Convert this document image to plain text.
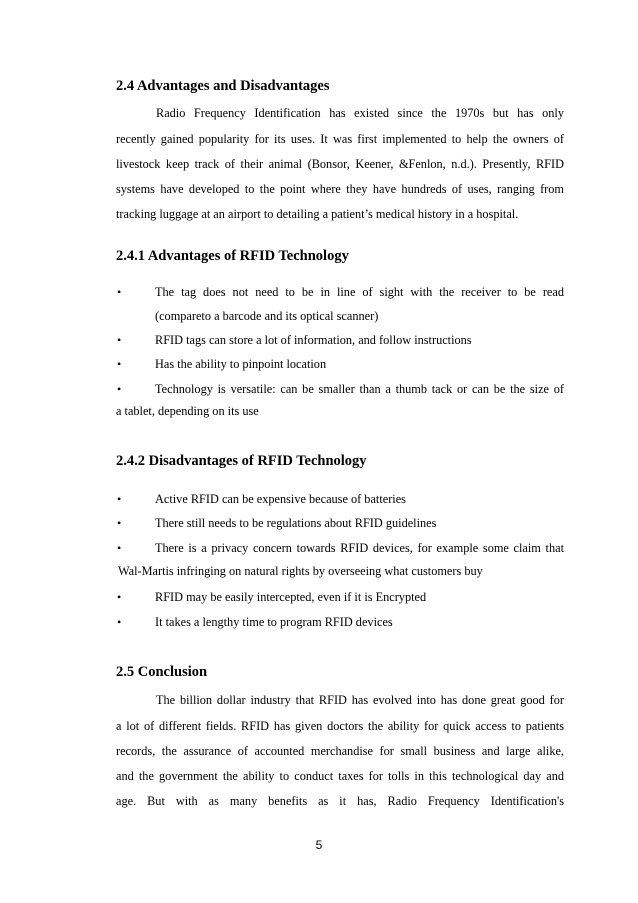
2.4 Advantages and Disadvantages
Radio Frequency Identification has existed since the 1970s but has only
recently gained popularity for its uses. It was first implemented to help the owners of
livestock keep track of their animal (Bonsor, Keener, &Fenlon, n.d.). Presently, RFID
systems have developed to the point where they have hundreds of uses, ranging from
tracking luggage at an airport to detailing a patient’s medical history in a hospital.
2.4.1 Advantages of RFID Technology
•	The tag does not need to be in line of sight with the receiver to be read
(compareto a barcode and its optical scanner)
•	RFID tags can store a lot of information, and follow instructions
•	Has the ability to pinpoint location
•	Technology is versatile: can be smaller than a thumb tack or can be the size of
a tablet, depending on its use
2.4.2 Disadvantages of RFID Technology
•	Active RFID can be expensive because of batteries
•	There still needs to be regulations about RFID guidelines
•	There is a privacy concern towards RFID devices, for example some claim that
Wal-Martis infringing on natural rights by overseeing what customers buy
•	RFID may be easily intercepted, even if it is Encrypted
•	It takes a lengthy time to program RFID devices
2.5 Conclusion
The billion dollar industry that RFID has evolved into has done great good for
a lot of different fields. RFID has given doctors the ability for quick access to patients
records, the assurance of accounted merchandise for small business and large alike,
and the government the ability to conduct taxes for tolls in this technological day and
age. But with as many benefits as it has, Radio Frequency Identification's
5
